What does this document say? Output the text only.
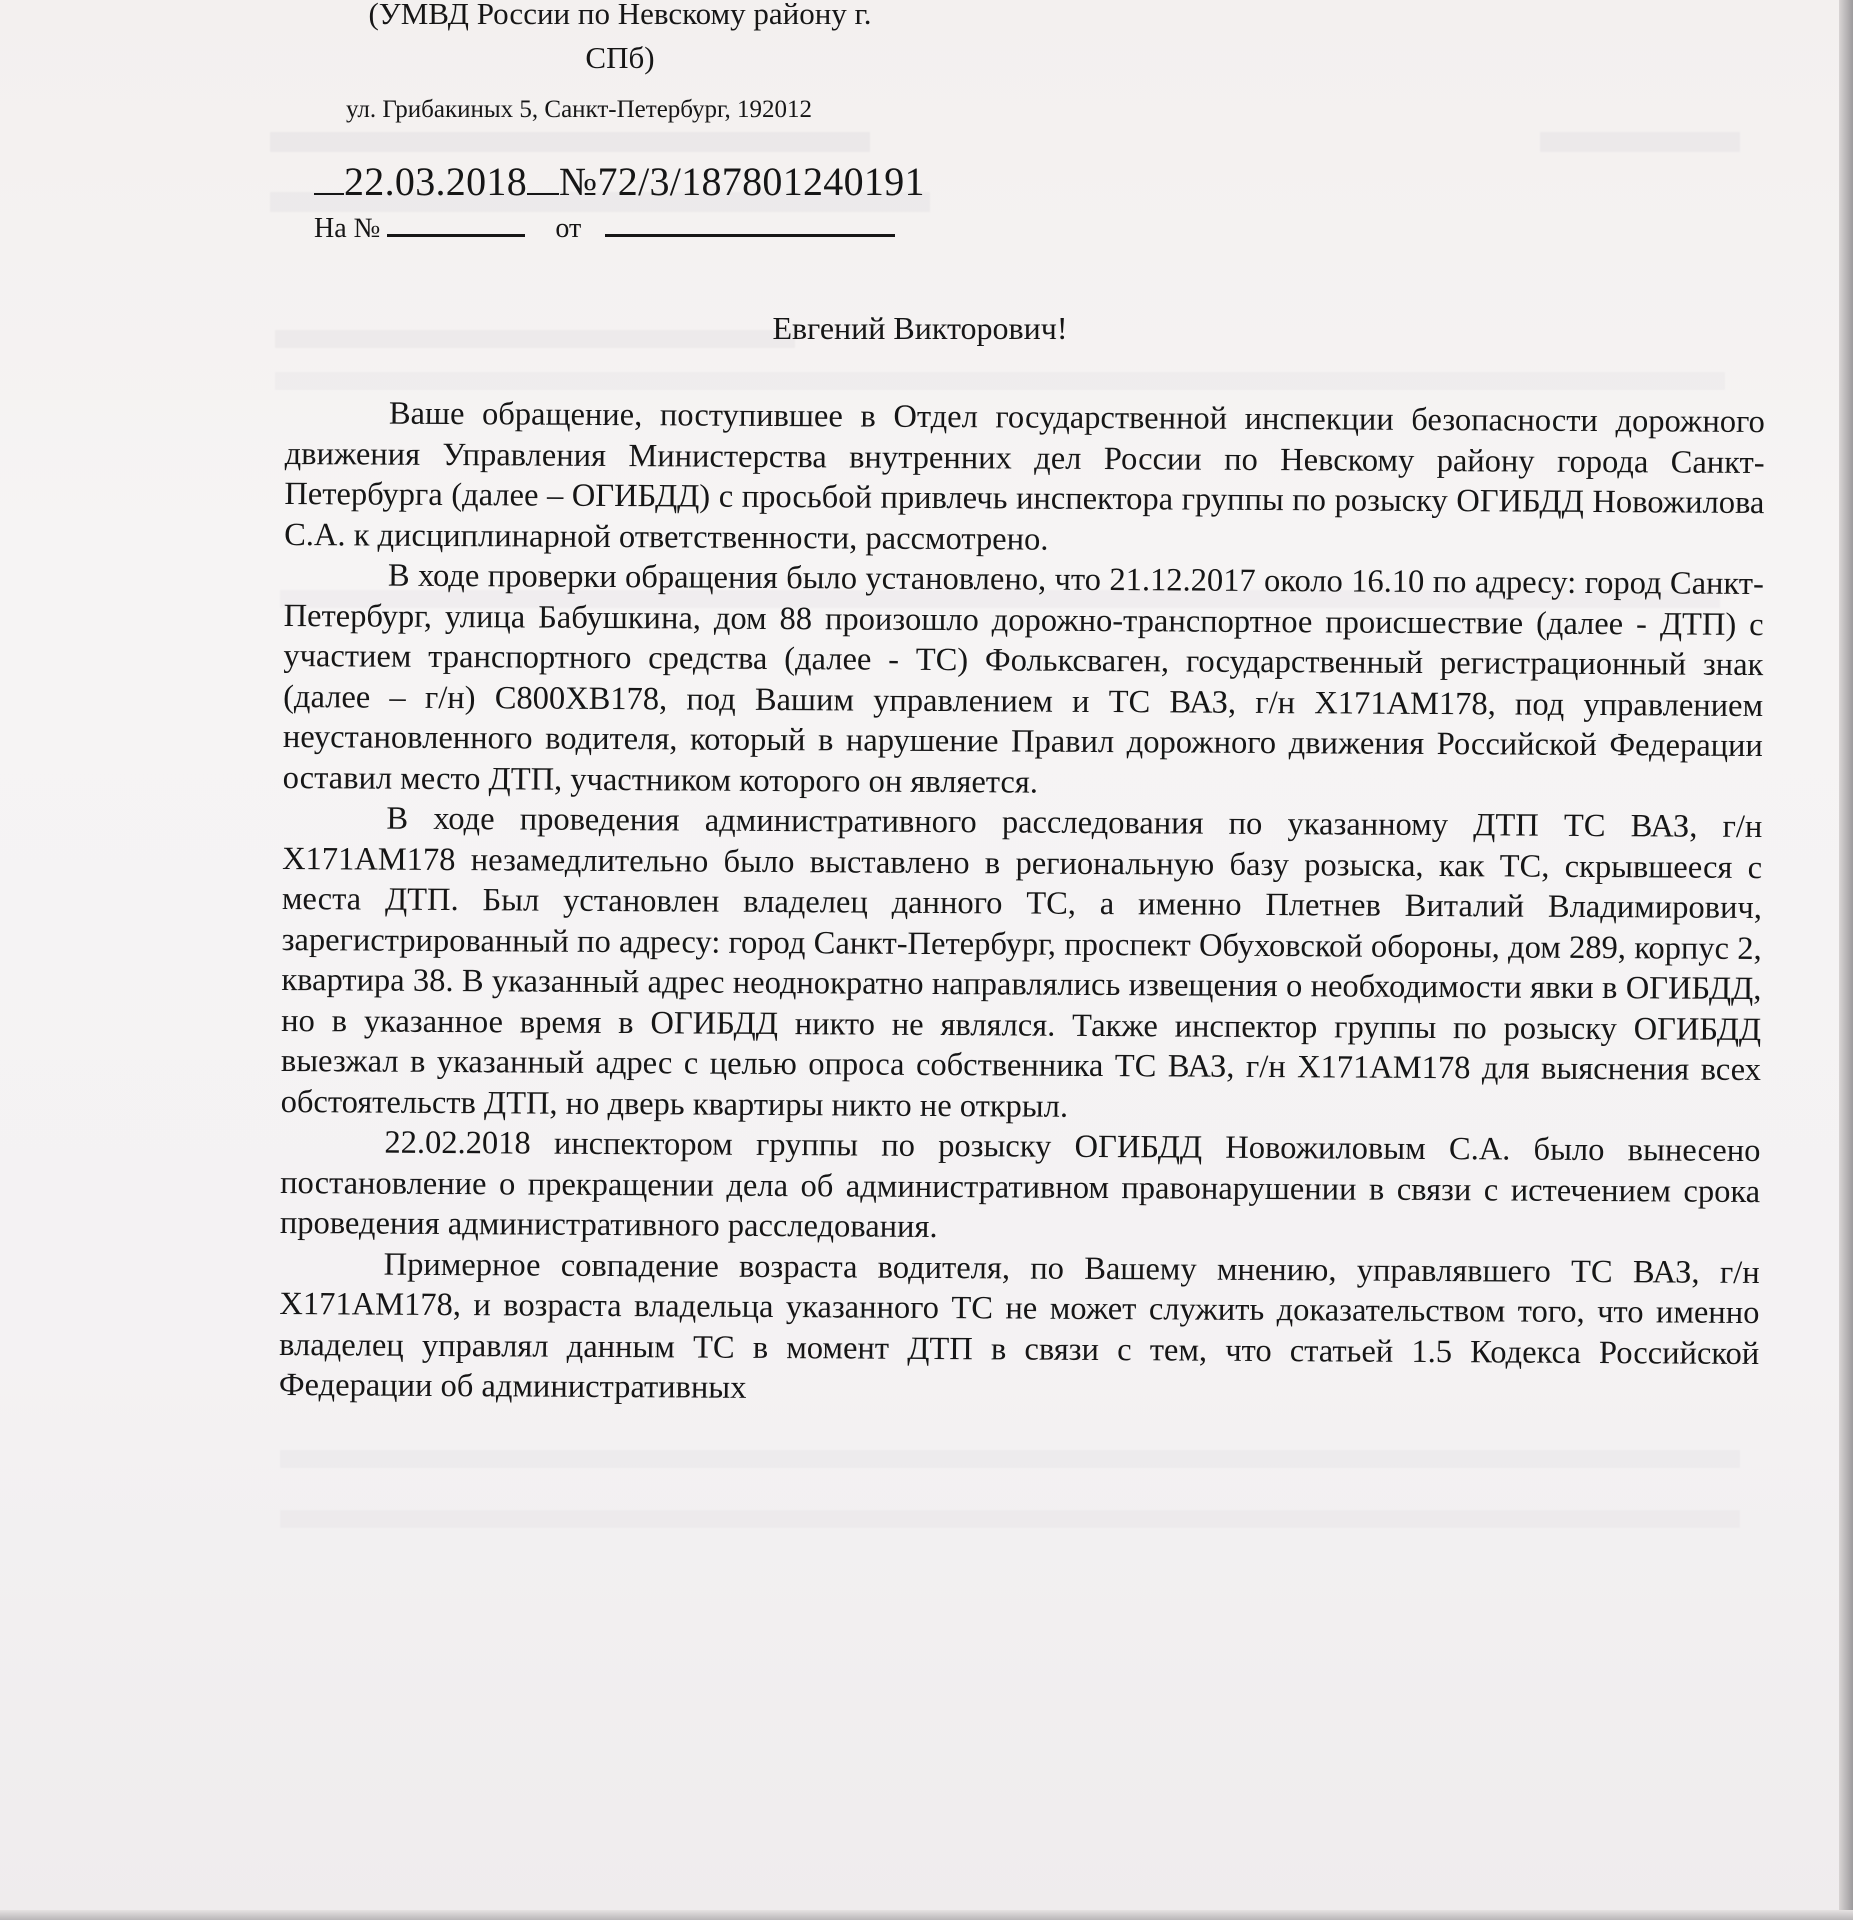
(УМВД России по Невскому району г.
СПб)
ул. Грибакиных 5, Санкт-Петербург, 192012
22.03.2018 №72/3/187801240191
На №	от
Евгений Викторович!

Ваше обращение, поступившее в Отдел государственной инспекции безопасности дорожного движения Управления Министерства внутренних дел России по Невскому району города Санкт-Петербурга (далее – ОГИБДД) с просьбой привлечь инспектора группы по розыску ОГИБДД Новожилова С.А. к дисциплинарной ответственности, рассмотрено.

В ходе проверки обращения было установлено, что 21.12.2017 около 16.10 по адресу: город Санкт-Петербург, улица Бабушкина, дом 88 произошло дорожно-транспортное происшествие (далее - ДТП) с участием транспортного средства (далее - ТС) Фольксваген, государственный регистрационный знак (далее – г/н) С800ХВ178, под Вашим управлением и ТС ВАЗ, г/н Х171АМ178, под управлением неустановленного водителя, который в нарушение Правил дорожного движения Российской Федерации оставил место ДТП, участником которого он является.

В ходе проведения административного расследования по указанному ДТП ТС ВАЗ, г/н Х171АМ178 незамедлительно было выставлено в региональную базу розыска, как ТС, скрывшееся с места ДТП. Был установлен владелец данного ТС, а именно Плетнев Виталий Владимирович, зарегистрированный по адресу: город Санкт-Петербург, проспект Обуховской обороны, дом 289, корпус 2, квартира 38. В указанный адрес неоднократно направлялись извещения о необходимости явки в ОГИБДД, но в указанное время в ОГИБДД никто не являлся. Также инспектор группы по розыску ОГИБДД выезжал в указанный адрес с целью опроса собственника ТС ВАЗ, г/н Х171АМ178 для выяснения всех обстоятельств ДТП, но дверь квартиры никто не открыл.

22.02.2018 инспектором группы по розыску ОГИБДД Новожиловым С.А. было вынесено постановление о прекращении дела об административном правонарушении в связи с истечением срока проведения административного расследования.

Примерное совпадение возраста водителя, по Вашему мнению, управлявшего ТС ВАЗ, г/н Х171АМ178, и возраста владельца указанного ТС не может служить доказательством того, что именно владелец управлял данным ТС в момент ДТП в связи с тем, что статьей 1.5 Кодекса Российской Федерации об административных
